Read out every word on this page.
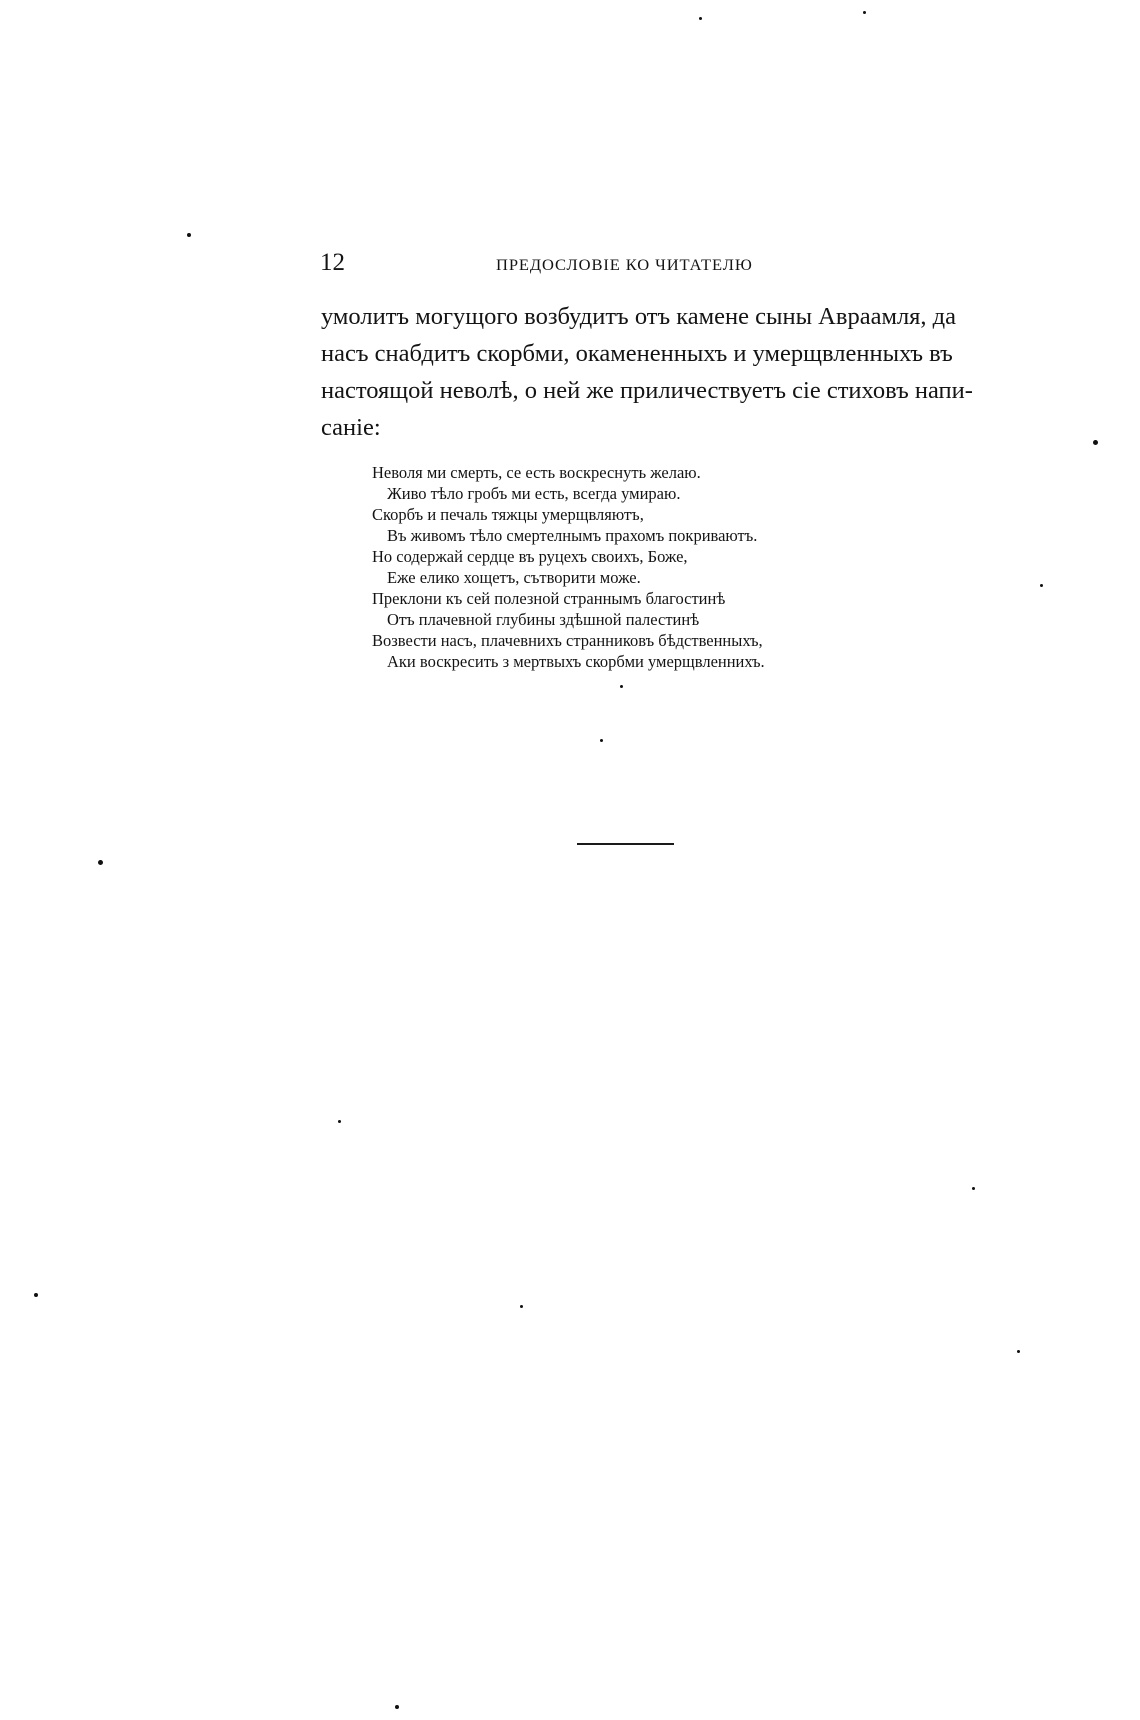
12	ПРЕДОСЛОВІЕ КО ЧИТАТЕЛЮ
умолитъ могущого возбудитъ отъ камене сыны Авраамля, да
насъ снабдитъ скорбми, окамененныхъ и умерщвленныхъ въ
настоящой неволѣ, о ней же приличествуетъ сіе стиховъ напи-
саніе:
Неволя ми смерть, се есть воскреснуть желаю.
Живо тѣло гробъ ми есть, всегда умираю.
Скорбъ и печаль тяжцы умерщвляютъ,
Въ живомъ тѣло смертелнымъ прахомъ покриваютъ.
Но содержай сердце въ руцехъ своихъ, Боже,
Еже елико хощетъ, сътворити може.
Преклони къ сей полезной страннымъ благостинѣ
Отъ плачевной глубины здѣшной палестинѣ
Возвести насъ, плачевнихъ странниковъ бѣдственныхъ,
Аки воскресить з мертвыхъ скорбми умерщвленнихъ.
